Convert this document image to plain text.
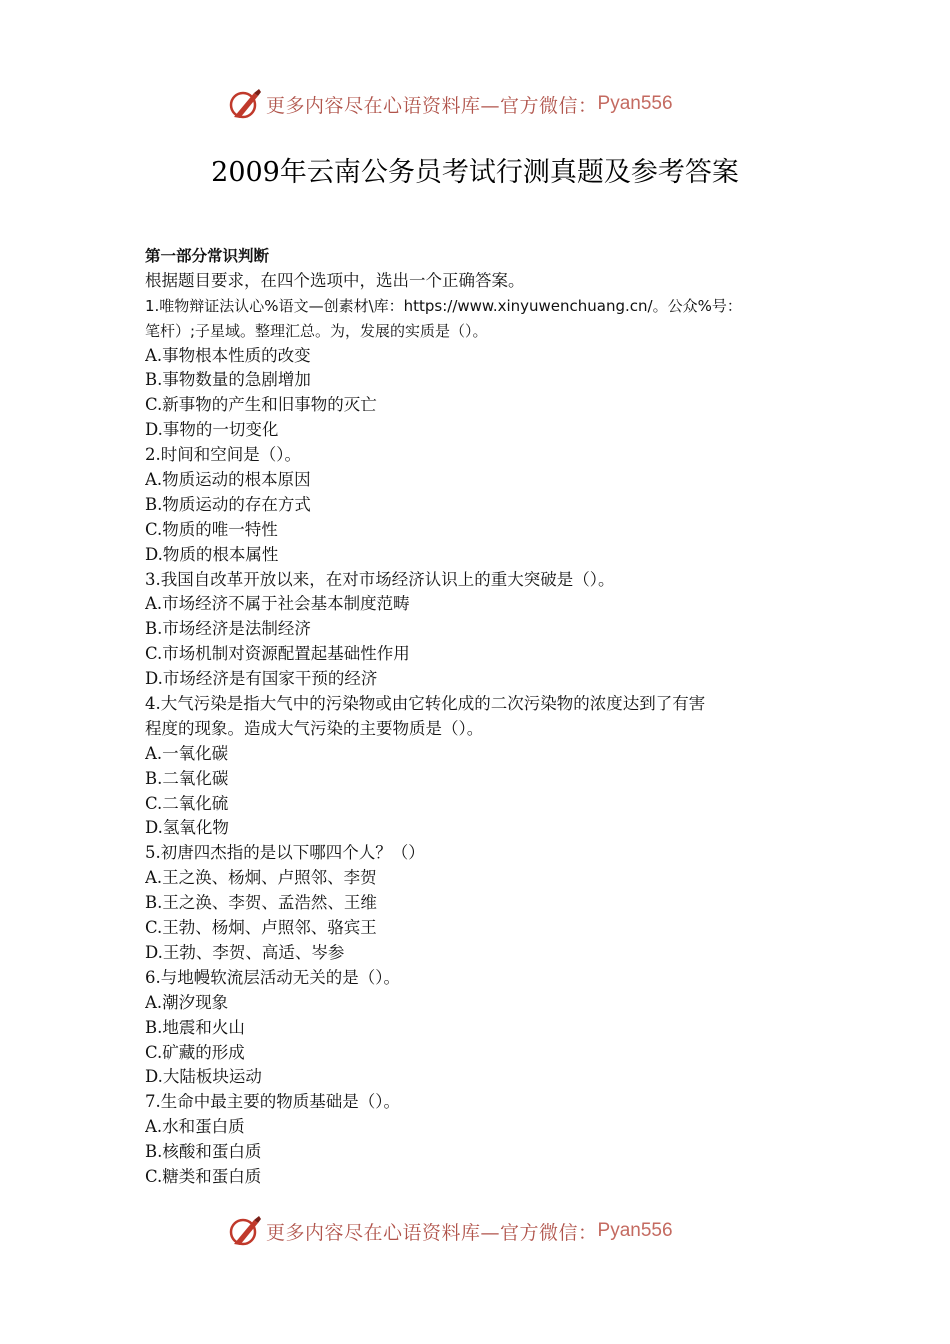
更多内容尽在心语资料库—官方微信： Pyan556
2009年云南公务员考试行测真题及参考答案
第一部分常识判断
根据题目要求，在四个选项中，选出一个正确答案。
1.唯物辩证法认心%语文—创素材\库：https://www.xinyuwenchuang.cn/。公众%号：
笔杆）;子星域。整理汇总。为，发展的实质是（）。
A.事物根本性质的改变
B.事物数量的急剧增加
C.新事物的产生和旧事物的灭亡
D.事物的一切变化
2.时间和空间是（）。
A.物质运动的根本原因
B.物质运动的存在方式
C.物质的唯一特性
D.物质的根本属性
3.我国自改革开放以来，在对市场经济认识上的重大突破是（）。
A.市场经济不属于社会基本制度范畴
B.市场经济是法制经济
C.市场机制对资源配置起基础性作用
D.市场经济是有国家干预的经济
4.大气污染是指大气中的污染物或由它转化成的二次污染物的浓度达到了有害
程度的现象。造成大气污染的主要物质是（）。
A.一氧化碳
B.二氧化碳
C.二氧化硫
D.氢氧化物
5.初唐四杰指的是以下哪四个人？（）
A.王之涣、杨炯、卢照邻、李贺
B.王之涣、李贺、孟浩然、王维
C.王勃、杨炯、卢照邻、骆宾王
D.王勃、李贺、高适、岑参
6.与地幔软流层活动无关的是（）。
A.潮汐现象
B.地震和火山
C.矿藏的形成
D.大陆板块运动
7.生命中最主要的物质基础是（）。
A.水和蛋白质
B.核酸和蛋白质
C.糖类和蛋白质
更多内容尽在心语资料库—官方微信： Pyan556
